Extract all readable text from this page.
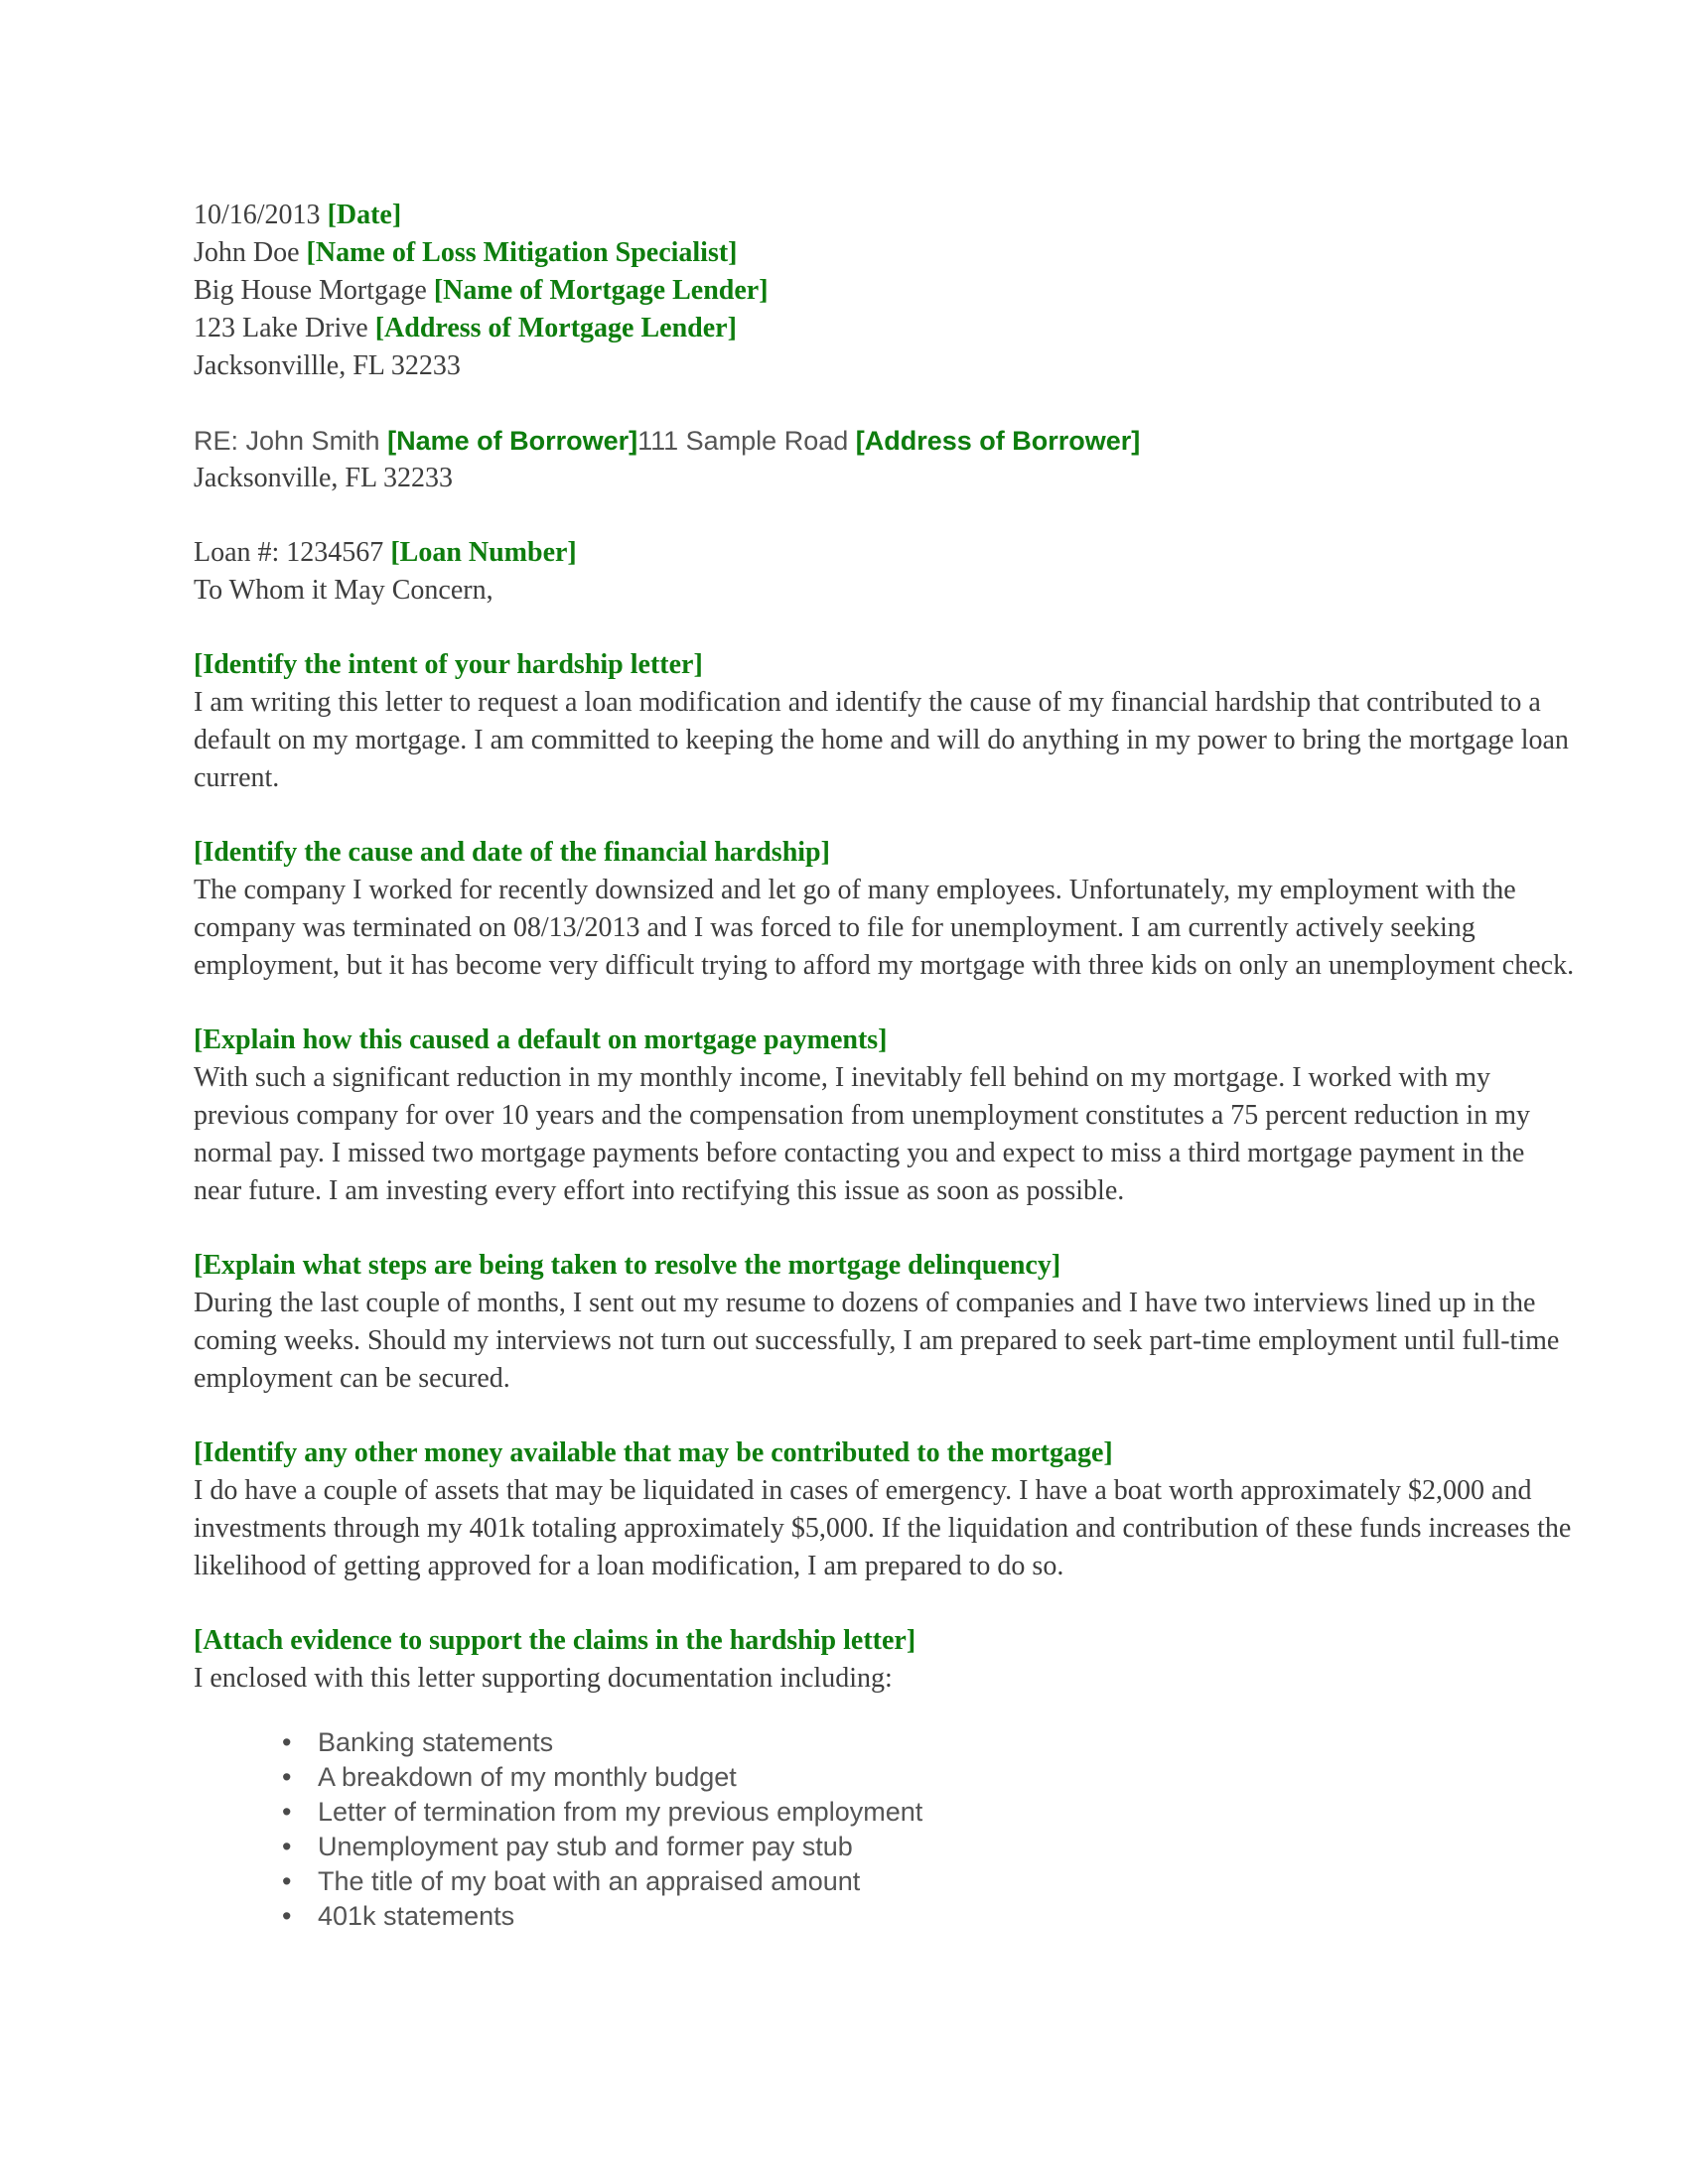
10/16/2013 [Date]

John Doe [Name of Loss Mitigation Specialist]

Big House Mortgage [Name of Mortgage Lender]

123 Lake Drive [Address of Mortgage Lender]

Jacksonvillle, FL 32233

RE: John Smith [Name of Borrower]111 Sample Road [Address of Borrower]

Jacksonville, FL 32233

Loan #: 1234567 [Loan Number]

To Whom it May Concern,

[Identify the intent of your hardship letter]

I am writing this letter to request a loan modification and identify the cause of my financial hardship that contributed to a default on my mortgage. I am committed to keeping the home and will do anything in my power to bring the mortgage loan current.

[Identify the cause and date of the financial hardship]

The company I worked for recently downsized and let go of many employees. Unfortunately, my employment with the company was terminated on 08/13/2013 and I was forced to file for unemployment. I am currently actively seeking employment, but it has become very difficult trying to afford my mortgage with three kids on only an unemployment check.

[Explain how this caused a default on mortgage payments]

With such a significant reduction in my monthly income, I inevitably fell behind on my mortgage. I worked with my previous company for over 10 years and the compensation from unemployment constitutes a 75 percent reduction in my normal pay. I missed two mortgage payments before contacting you and expect to miss a third mortgage payment in the near future. I am investing every effort into rectifying this issue as soon as possible.

[Explain what steps are being taken to resolve the mortgage delinquency]

During the last couple of months, I sent out my resume to dozens of companies and I have two interviews lined up in the coming weeks. Should my interviews not turn out successfully, I am prepared to seek part-time employment until full-time employment can be secured.

[Identify any other money available that may be contributed to the mortgage]

I do have a couple of assets that may be liquidated in cases of emergency. I have a boat worth approximately $2,000 and investments through my 401k totaling approximately $5,000. If the liquidation and contribution of these funds increases the likelihood of getting approved for a loan modification, I am prepared to do so.

[Attach evidence to support the claims in the hardship letter]

I enclosed with this letter supporting documentation including:

• Banking statements
• A breakdown of my monthly budget
• Letter of termination from my previous employment
• Unemployment pay stub and former pay stub
• The title of my boat with an appraised amount
• 401k statements
